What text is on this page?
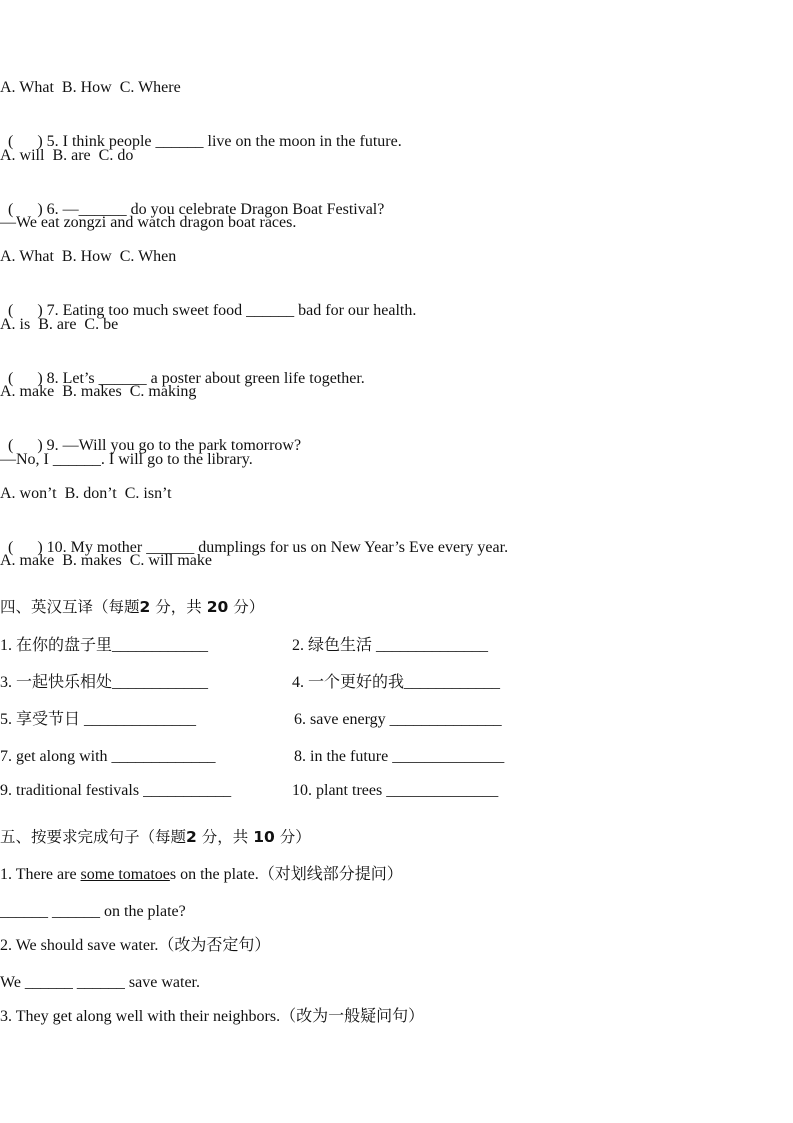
A. What  B. How  C. Where

(      ) 5. I think people ______ live on the moon in the future.

A. will  B. are  C. do

(      ) 6. —______ do you celebrate Dragon Boat Festival?

—We eat zongzi and watch dragon boat races.
A. What  B. How  C. When

(      ) 7. Eating too much sweet food ______ bad for our health.

A. is  B. are  C. be

(      ) 8. Let’s ______ a poster about green life together.

A. make  B. makes  C. making

(      ) 9. —Will you go to the park tomorrow?

—No, I ______. I will go to the library.
A. won’t  B. don’t  C. isn’t

(      ) 10. My mother ______ dumplings for us on New Year’s Eve every year.

A. make  B. makes  C. will make
四、英汉互译（每题2 分，共 20 分）
1. 在你的盘子里____________	2. 绿色生活 ______________
3. 一起快乐相处____________	4. 一个更好的我____________
5. 享受节日 ______________	6. save energy ______________
7. get along with _____________	8. in the future ______________
9. traditional festivals ___________	10. plant trees ______________
五、按要求完成句子（每题2 分，共 10 分）
1. There are some tomatoes on the plate.（对划线部分提问）
______ ______ on the plate?
2. We should save water.（改为否定句）
We ______ ______ save water.
3. They get along well with their neighbors.（改为一般疑问句）
